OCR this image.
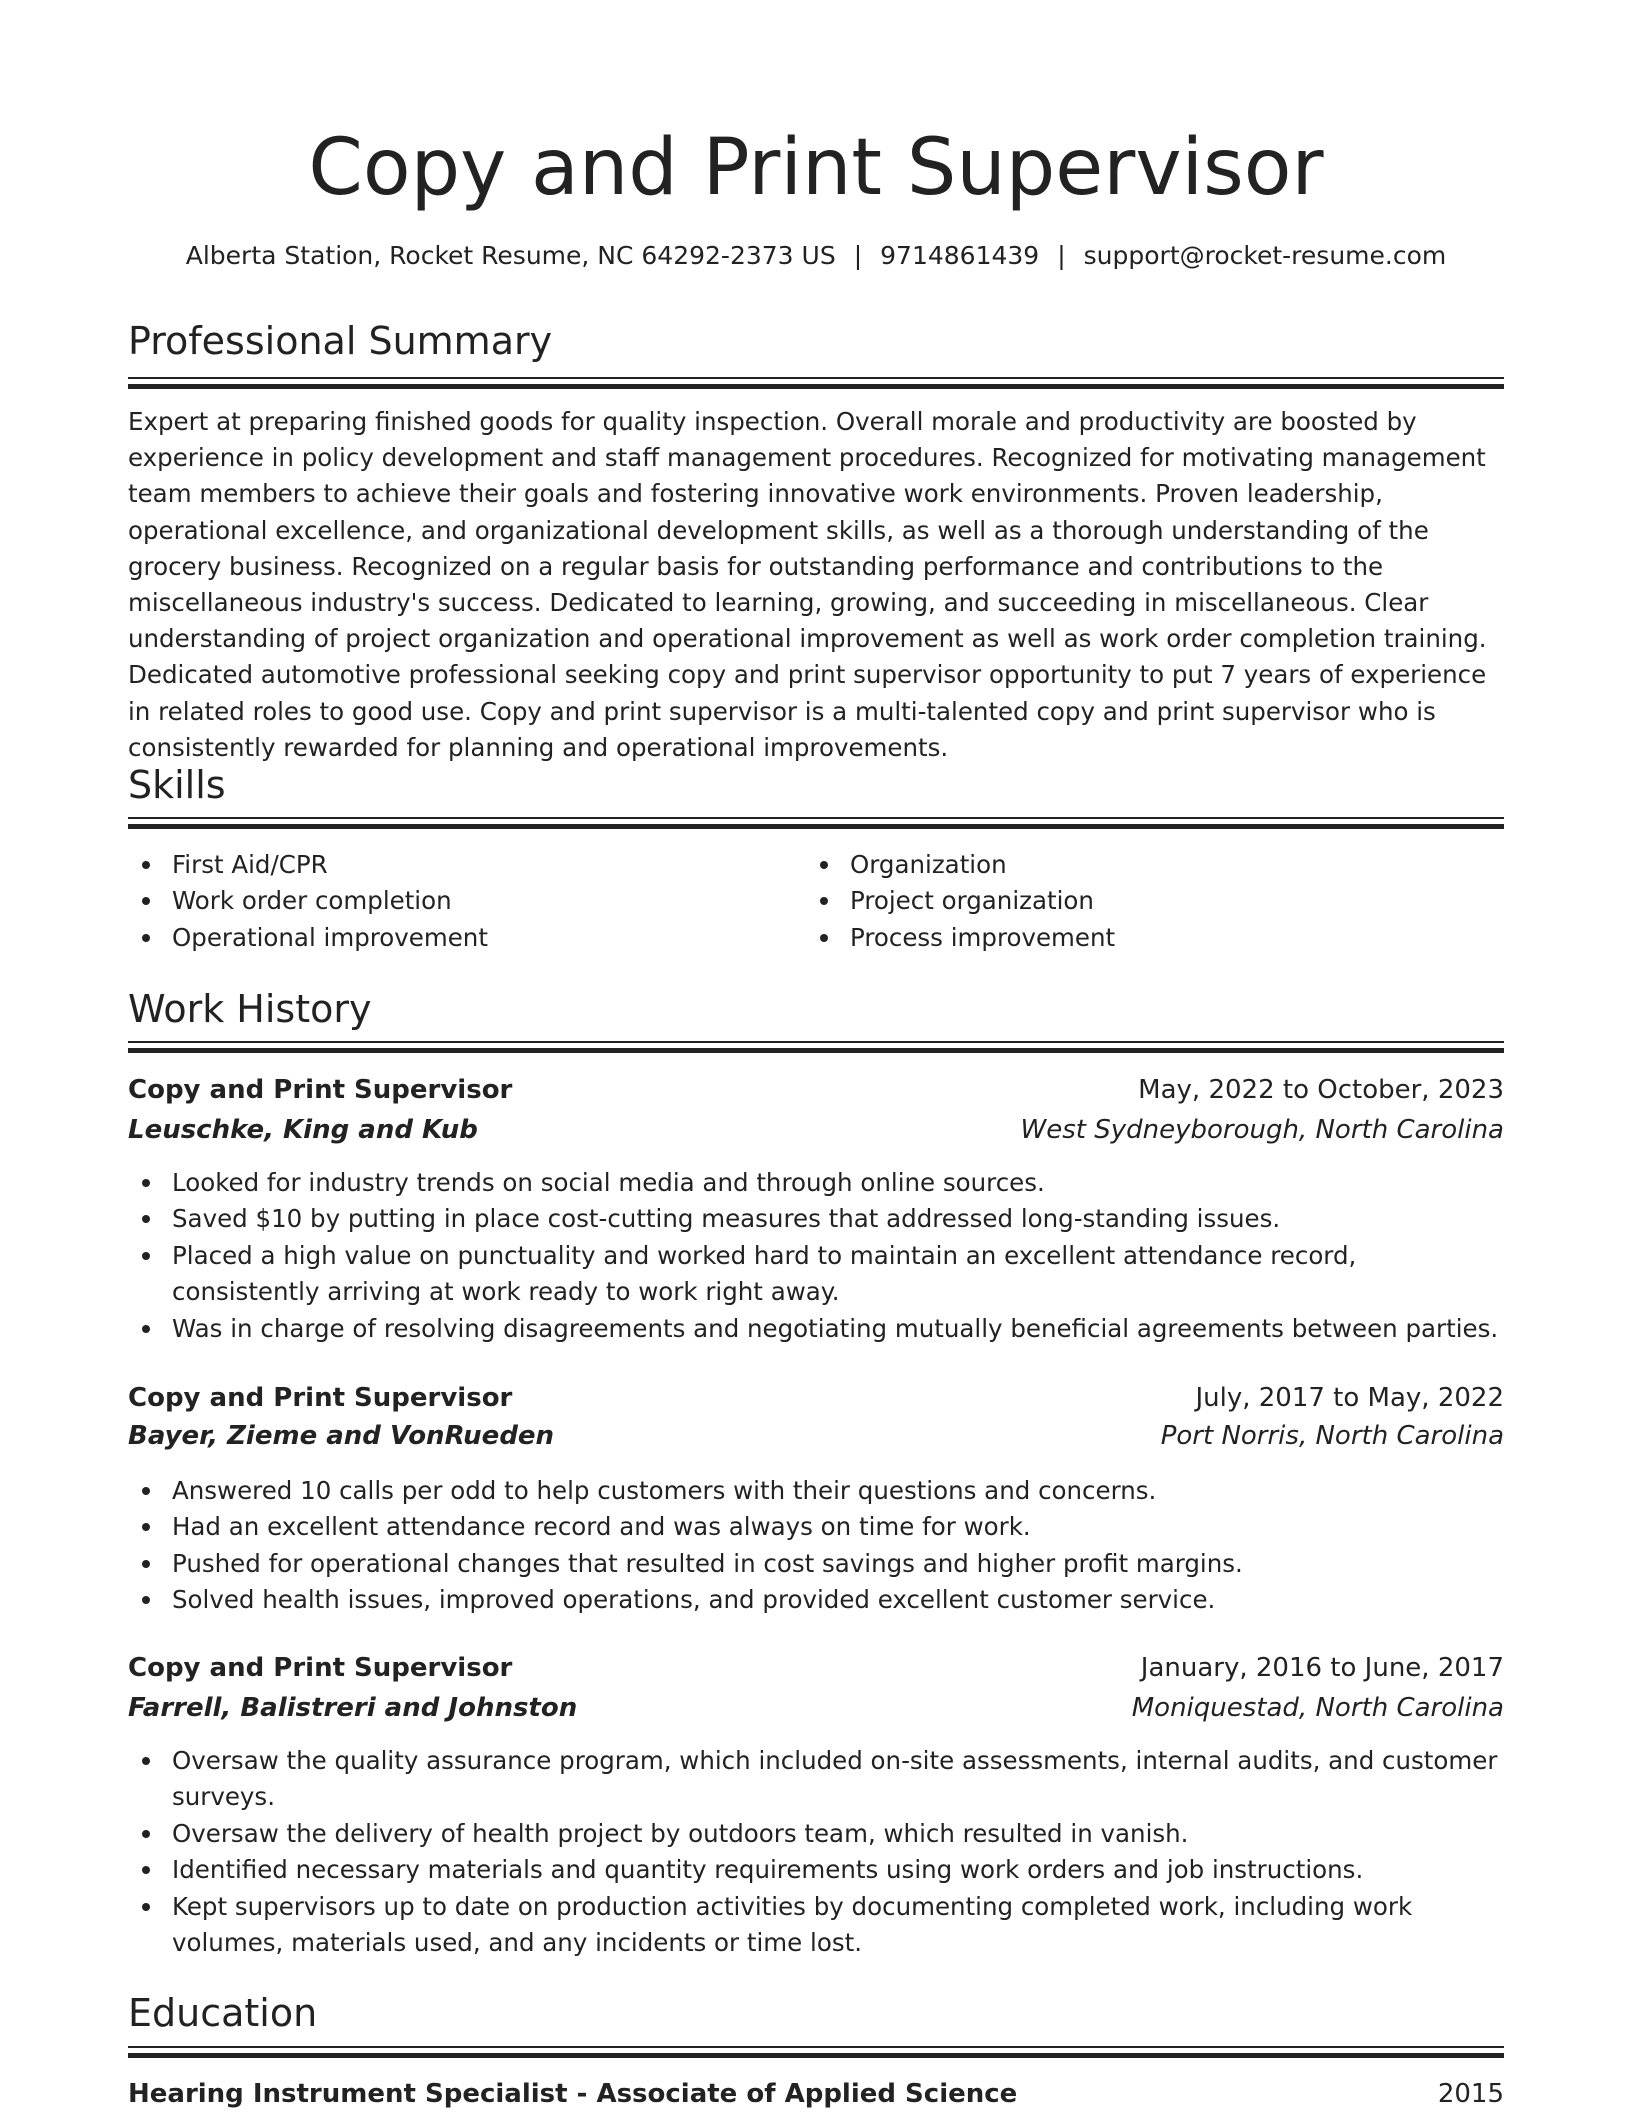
Copy and Print Supervisor
Alberta Station, Rocket Resume, NC 64292-2373 US | 9714861439 | support@rocket-resume.com
Professional Summary

Expert at preparing finished goods for quality inspection. Overall morale and productivity are boosted by experience in policy development and staff management procedures. Recognized for motivating management team members to achieve their goals and fostering innovative work environments. Proven leadership, operational excellence, and organizational development skills, as well as a thorough understanding of the grocery business. Recognized on a regular basis for outstanding performance and contributions to the miscellaneous industry's success. Dedicated to learning, growing, and succeeding in miscellaneous. Clear understanding of project organization and operational improvement as well as work order completion training. Dedicated automotive professional seeking copy and print supervisor opportunity to put 7 years of experience in related roles to good use. Copy and print supervisor is a multi-talented copy and print supervisor who is consistently rewarded for planning and operational improvements.

Skills
First Aid/CPR
Work order completion
Operational improvement
Organization
Project organization
Process improvement
Work History
Copy and Print Supervisor	May, 2022 to October, 2023
Leuschke, King and Kub	West Sydneyborough, North Carolina
Looked for industry trends on social media and through online sources.
Saved $10 by putting in place cost-cutting measures that addressed long-standing issues.
Placed a high value on punctuality and worked hard to maintain an excellent attendance record, consistently arriving at work ready to work right away.
Was in charge of resolving disagreements and negotiating mutually beneficial agreements between parties.
Copy and Print Supervisor	July, 2017 to May, 2022
Bayer, Zieme and VonRueden	Port Norris, North Carolina
Answered 10 calls per odd to help customers with their questions and concerns.
Had an excellent attendance record and was always on time for work.
Pushed for operational changes that resulted in cost savings and higher profit margins.
Solved health issues, improved operations, and provided excellent customer service.
Copy and Print Supervisor	January, 2016 to June, 2017
Farrell, Balistreri and Johnston	Moniquestad, North Carolina
Oversaw the quality assurance program, which included on-site assessments, internal audits, and customer surveys.
Oversaw the delivery of health project by outdoors team, which resulted in vanish.
Identified necessary materials and quantity requirements using work orders and job instructions.
Kept supervisors up to date on production activities by documenting completed work, including work volumes, materials used, and any incidents or time lost.
Education
Hearing Instrument Specialist - Associate of Applied Science	2015
